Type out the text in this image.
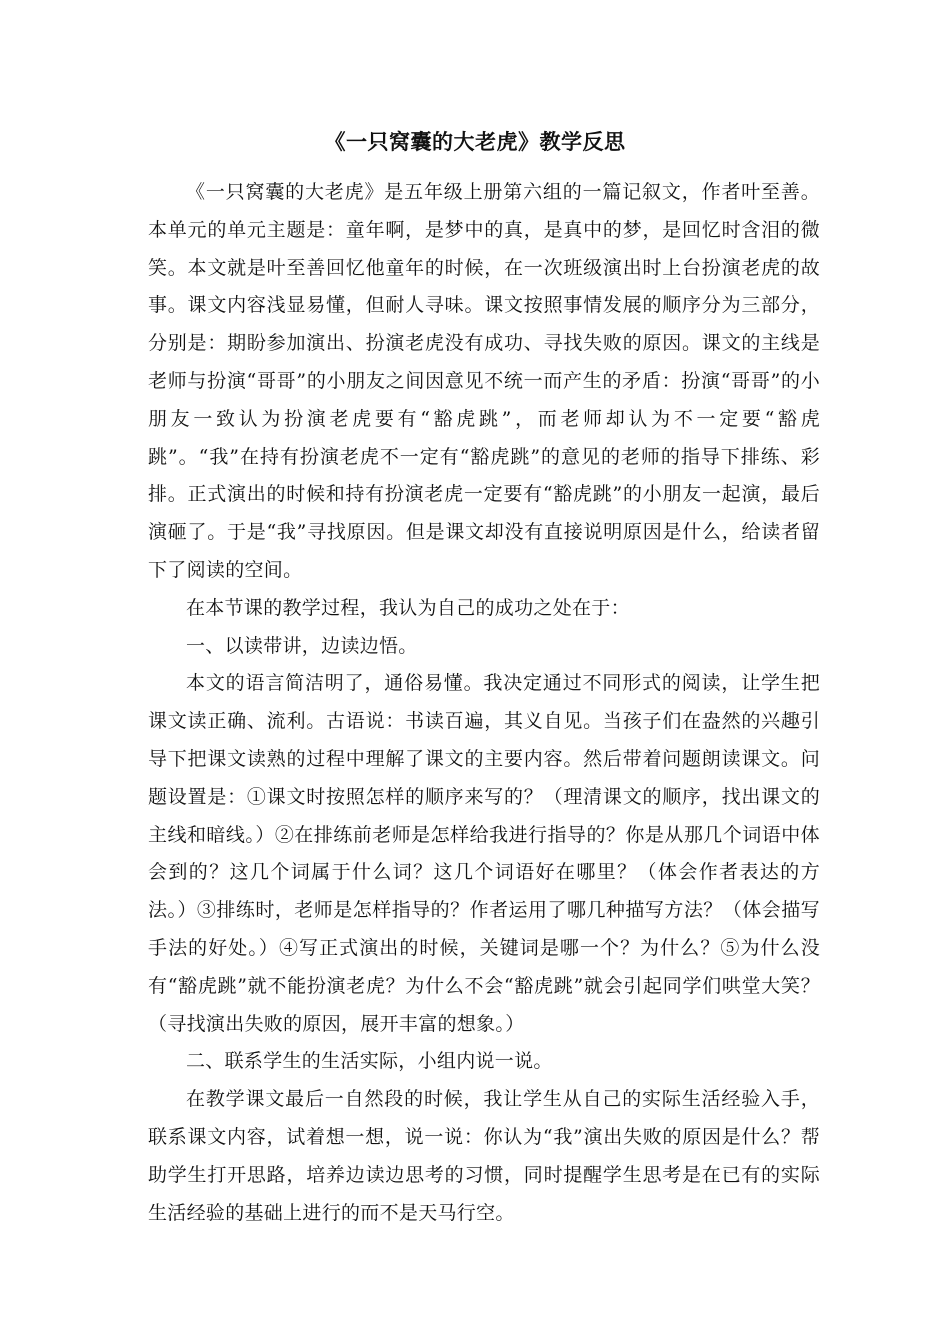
《一只窝囊的大老虎》教学反思

《一只窝囊的大老虎》是五年级上册第六组的一篇记叙文，作者叶至善。本单元的单元主题是：童年啊，是梦中的真，是真中的梦，是回忆时含泪的微笑。本文就是叶至善回忆他童年的时候，在一次班级演出时上台扮演老虎的故事。课文内容浅显易懂，但耐人寻味。课文按照事情发展的顺序分为三部分，分别是：期盼参加演出、扮演老虎没有成功、寻找失败的原因。课文的主线是老师与扮演“哥哥”的小朋友之间因意见不统一而产生的矛盾：扮演“哥哥”的小朋友一致认为扮演老虎要有“豁虎跳”，而老师却认为不一定要“豁虎跳”。“我”在持有扮演老虎不一定有“豁虎跳”的意见的老师的指导下排练、彩排。正式演出的时候和持有扮演老虎一定要有“豁虎跳”的小朋友一起演，最后演砸了。于是“我”寻找原因。但是课文却没有直接说明原因是什么，给读者留下了阅读的空间。

在本节课的教学过程，我认为自己的成功之处在于：

一、以读带讲，边读边悟。

本文的语言简洁明了，通俗易懂。我决定通过不同形式的阅读，让学生把课文读正确、流利。古语说：书读百遍，其义自见。当孩子们在盎然的兴趣引导下把课文读熟的过程中理解了课文的主要内容。然后带着问题朗读课文。问题设置是：①课文时按照怎样的顺序来写的？（理清课文的顺序，找出课文的主线和暗线。）②在排练前老师是怎样给我进行指导的？你是从那几个词语中体会到的？这几个词属于什么词？这几个词语好在哪里？（体会作者表达的方法。）③排练时，老师是怎样指导的？作者运用了哪几种描写方法？（体会描写手法的好处。）④写正式演出的时候，关键词是哪一个？为什么？⑤为什么没有“豁虎跳”就不能扮演老虎？为什么不会“豁虎跳”就会引起同学们哄堂大笑？（寻找演出失败的原因，展开丰富的想象。）

二、联系学生的生活实际，小组内说一说。

在教学课文最后一自然段的时候，我让学生从自己的实际生活经验入手，联系课文内容，试着想一想，说一说：你认为“我”演出失败的原因是什么？帮助学生打开思路，培养边读边思考的习惯，同时提醒学生思考是在已有的实际生活经验的基础上进行的而不是天马行空。
